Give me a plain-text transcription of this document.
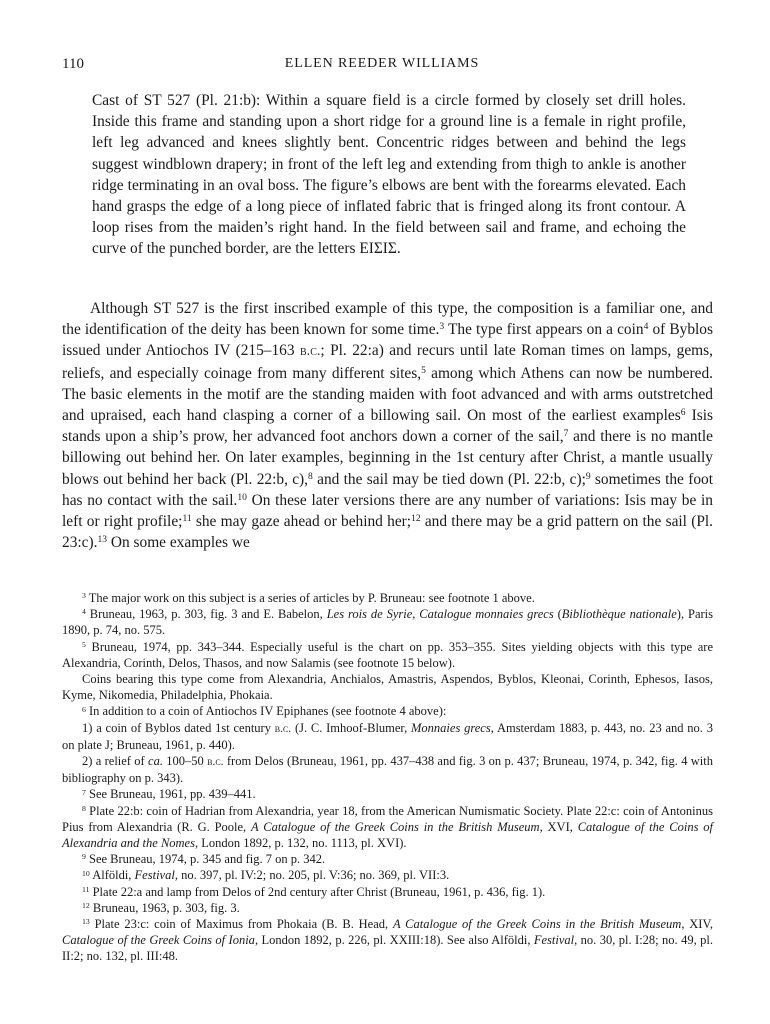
110	ELLEN REEDER WILLIAMS

Cast of ST 527 (Pl. 21:b): Within a square field is a circle formed by closely set drill holes. Inside this frame and standing upon a short ridge for a ground line is a female in right profile, left leg advanced and knees slightly bent. Concentric ridges between and behind the legs suggest windblown drapery; in front of the left leg and extending from thigh to ankle is another ridge terminating in an oval boss. The figure’s elbows are bent with the forearms elevated. Each hand grasps the edge of a long piece of inflated fabric that is fringed along its front contour. A loop rises from the maiden’s right hand. In the field between sail and frame, and echoing the curve of the punched border, are the letters ΕΙΣΙΣ.

Although ST 527 is the first inscribed example of this type, the composition is a familiar one, and the identification of the deity has been known for some time.$^3$ The type first appears on a coin$^4$ of Byblos issued under Antiochos IV (215–163 b.c.; Pl. 22:a) and recurs until late Roman times on lamps, gems, reliefs, and especially coinage from many different sites,$^5$ among which Athens can now be numbered. The basic elements in the motif are the standing maiden with foot advanced and with arms outstretched and upraised, each hand clasping a corner of a billowing sail. On most of the earliest examples$^6$ Isis stands upon a ship’s prow, her advanced foot anchors down a corner of the sail,$^7$ and there is no mantle billowing out behind her. On later examples, beginning in the 1st century after Christ, a mantle usually blows out behind her back (Pl. 22:b, c),$^8$ and the sail may be tied down (Pl. 22:b, c);$^9$ sometimes the foot has no contact with the sail.$^{10}$ On these later versions there are any number of variations: Isis may be in left or right profile;$^{11}$ she may gaze ahead or behind her;$^{12}$ and there may be a grid pattern on the sail (Pl. 23:c).$^{13}$ On some examples we

$^3$ The major work on this subject is a series of articles by P. Bruneau: see footnote 1 above.

$^4$ Bruneau, 1963, p. 303, fig. 3 and E. Babelon, Les rois de Syrie, Catalogue monnaies grecs (Bibliothèque nationale), Paris 1890, p. 74, no. 575.

$^5$ Bruneau, 1974, pp. 343–344. Especially useful is the chart on pp. 353–355. Sites yielding objects with this type are Alexandria, Corinth, Delos, Thasos, and now Salamis (see footnote 15 below).

Coins bearing this type come from Alexandria, Anchialos, Amastris, Aspendos, Byblos, Kleonai, Corinth, Ephesos, Iasos, Kyme, Nikomedia, Philadelphia, Phokaia.

$^6$ In addition to a coin of Antiochos IV Epiphanes (see footnote 4 above):

1) a coin of Byblos dated 1st century b.c. (J. C. Imhoof-Blumer, Monnaies grecs, Amsterdam 1883, p. 443, no. 23 and no. 3 on plate J; Bruneau, 1961, p. 440).

2) a relief of ca. 100–50 b.c. from Delos (Bruneau, 1961, pp. 437–438 and fig. 3 on p. 437; Bruneau, 1974, p. 342, fig. 4 with bibliography on p. 343).

$^7$ See Bruneau, 1961, pp. 439–441.

$^8$ Plate 22:b: coin of Hadrian from Alexandria, year 18, from the American Numismatic Society. Plate 22:c: coin of Antoninus Pius from Alexandria (R. G. Poole, A Catalogue of the Greek Coins in the British Museum, XVI, Catalogue of the Coins of Alexandria and the Nomes, London 1892, p. 132, no. 1113, pl. XVI).

$^9$ See Bruneau, 1974, p. 345 and fig. 7 on p. 342.

$^{10}$ Alföldi, Festival, no. 397, pl. IV:2; no. 205, pl. V:36; no. 369, pl. VII:3.

$^{11}$ Plate 22:a and lamp from Delos of 2nd century after Christ (Bruneau, 1961, p. 436, fig. 1).

$^{12}$ Bruneau, 1963, p. 303, fig. 3.

$^{13}$ Plate 23:c: coin of Maximus from Phokaia (B. B. Head, A Catalogue of the Greek Coins in the British Museum, XIV, Catalogue of the Greek Coins of Ionia, London 1892, p. 226, pl. XXIII:18). See also Alföldi, Festival, no. 30, pl. I:28; no. 49, pl. II:2; no. 132, pl. III:48.
